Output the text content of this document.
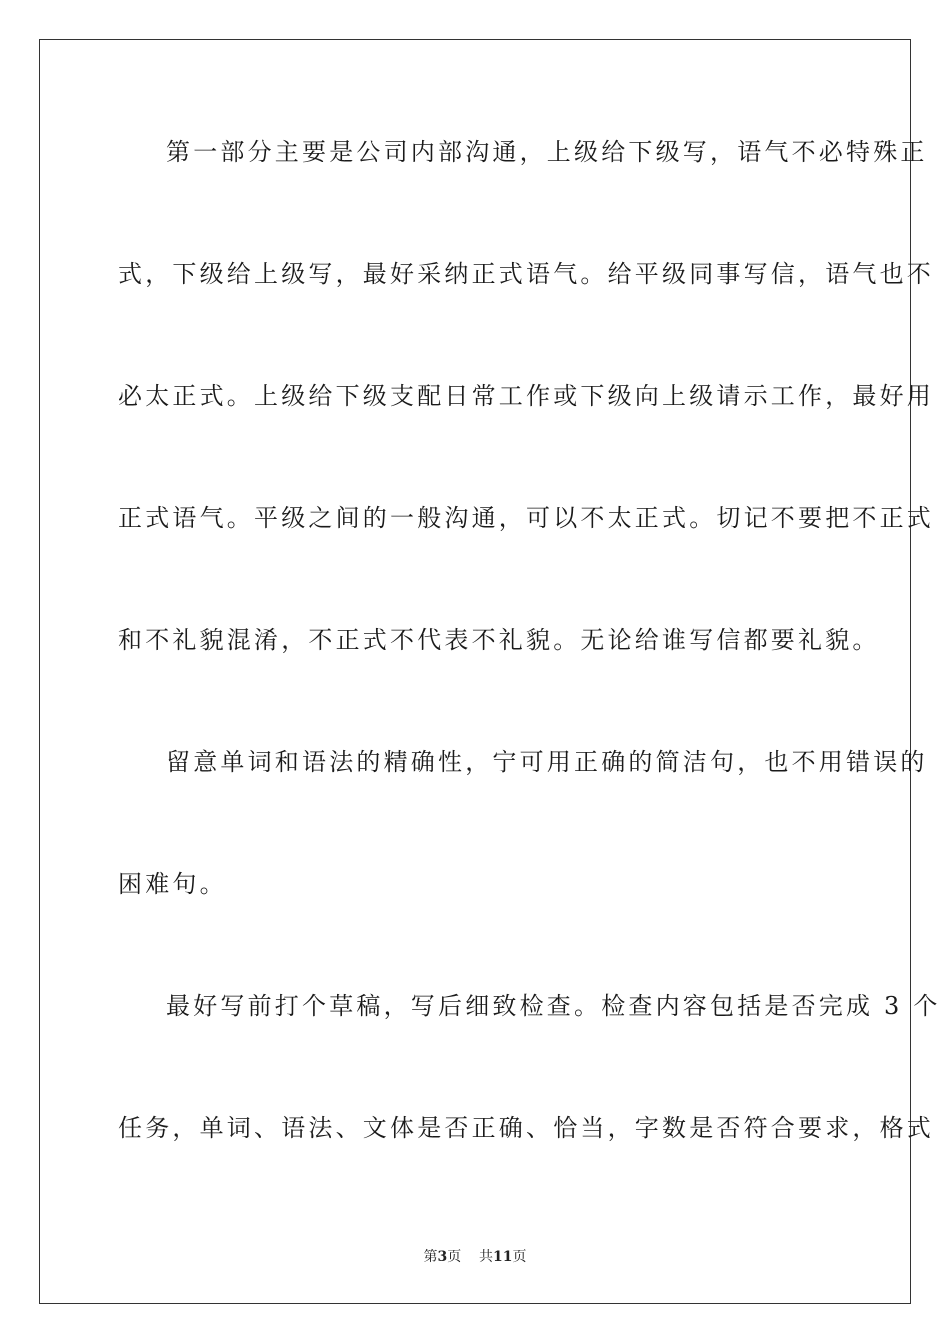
第一部分主要是公司内部沟通，上级给下级写，语气不必特殊正
式，下级给上级写，最好采纳正式语气。给平级同事写信，语气也不
必太正式。上级给下级支配日常工作或下级向上级请示工作，最好用
正式语气。平级之间的一般沟通，可以不太正式。切记不要把不正式
和不礼貌混淆，不正式不代表不礼貌。无论给谁写信都要礼貌。
留意单词和语法的精确性，宁可用正确的简洁句，也不用错误的
困难句。
最好写前打个草稿，写后细致检查。检查内容包括是否完成 3 个
任务，单词、语法、文体是否正确、恰当，字数是否符合要求，格式
第3页 共11页
